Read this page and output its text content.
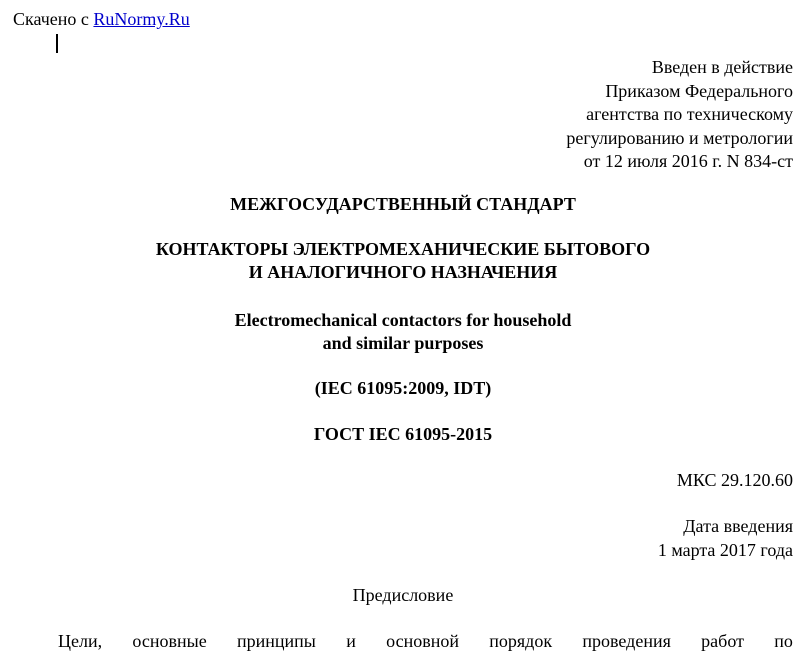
Скачено с RuNormy.Ru
Введен в действие
Приказом Федерального
агентства по техническому
регулированию и метрологии
от 12 июля 2016 г. N 834-ст
МЕЖГОСУДАРСТВЕННЫЙ СТАНДАРТ
КОНТАКТОРЫ ЭЛЕКТРОМЕХАНИЧЕСКИЕ БЫТОВОГО
И АНАЛОГИЧНОГО НАЗНАЧЕНИЯ
Electromechanical contactors for household
and similar purposes
(IEC 61095:2009, IDT)
ГОСТ IEC 61095-2015
МКС 29.120.60
Дата введения
1 марта 2017 года
Предисловие
Цели, основные принципы и основной порядок проведения работ по
